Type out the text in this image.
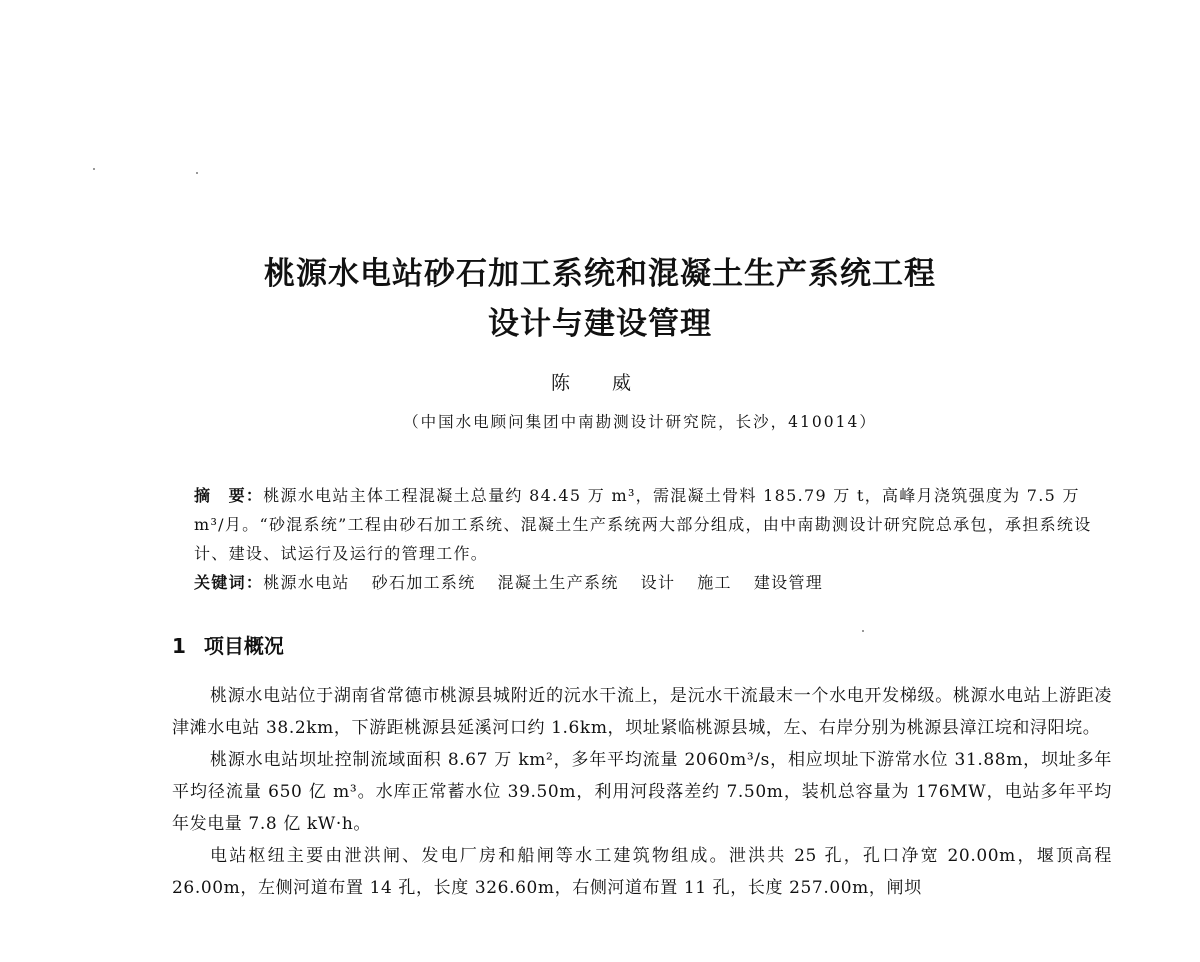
桃源水电站砂石加工系统和混凝土生产系统工程
设计与建设管理
陈 威
（中国水电顾问集团中南勘测设计研究院，长沙，410014）
摘　要：桃源水电站主体工程混凝土总量约 84.45 万 m³，需混凝土骨料 185.79 万 t，高峰月浇筑强度为 7.5 万 m³/月。“砂混系统”工程由砂石加工系统、混凝土生产系统两大部分组成，由中南勘测设计研究院总承包，承担系统设计、建设、试运行及运行的管理工作。
关键词：桃源水电站 砂石加工系统 混凝土生产系统 设计 施工 建设管理
1 项目概况

桃源水电站位于湖南省常德市桃源县城附近的沅水干流上，是沅水干流最末一个水电开发梯级。桃源水电站上游距凌津滩水电站 38.2km，下游距桃源县延溪河口约 1.6km，坝址紧临桃源县城，左、右岸分别为桃源县漳江垸和浔阳垸。

桃源水电站坝址控制流域面积 8.67 万 km²，多年平均流量 2060m³/s，相应坝址下游常水位 31.88m，坝址多年平均径流量 650 亿 m³。水库正常蓄水位 39.50m，利用河段落差约 7.50m，装机总容量为 176MW，电站多年平均年发电量 7.8 亿 kW·h。

电站枢纽主要由泄洪闸、发电厂房和船闸等水工建筑物组成。泄洪共 25 孔，孔口净宽 20.00m，堰顶高程 26.00m，左侧河道布置 14 孔，长度 326.60m，右侧河道布置 11 孔，长度 257.00m，闸坝
